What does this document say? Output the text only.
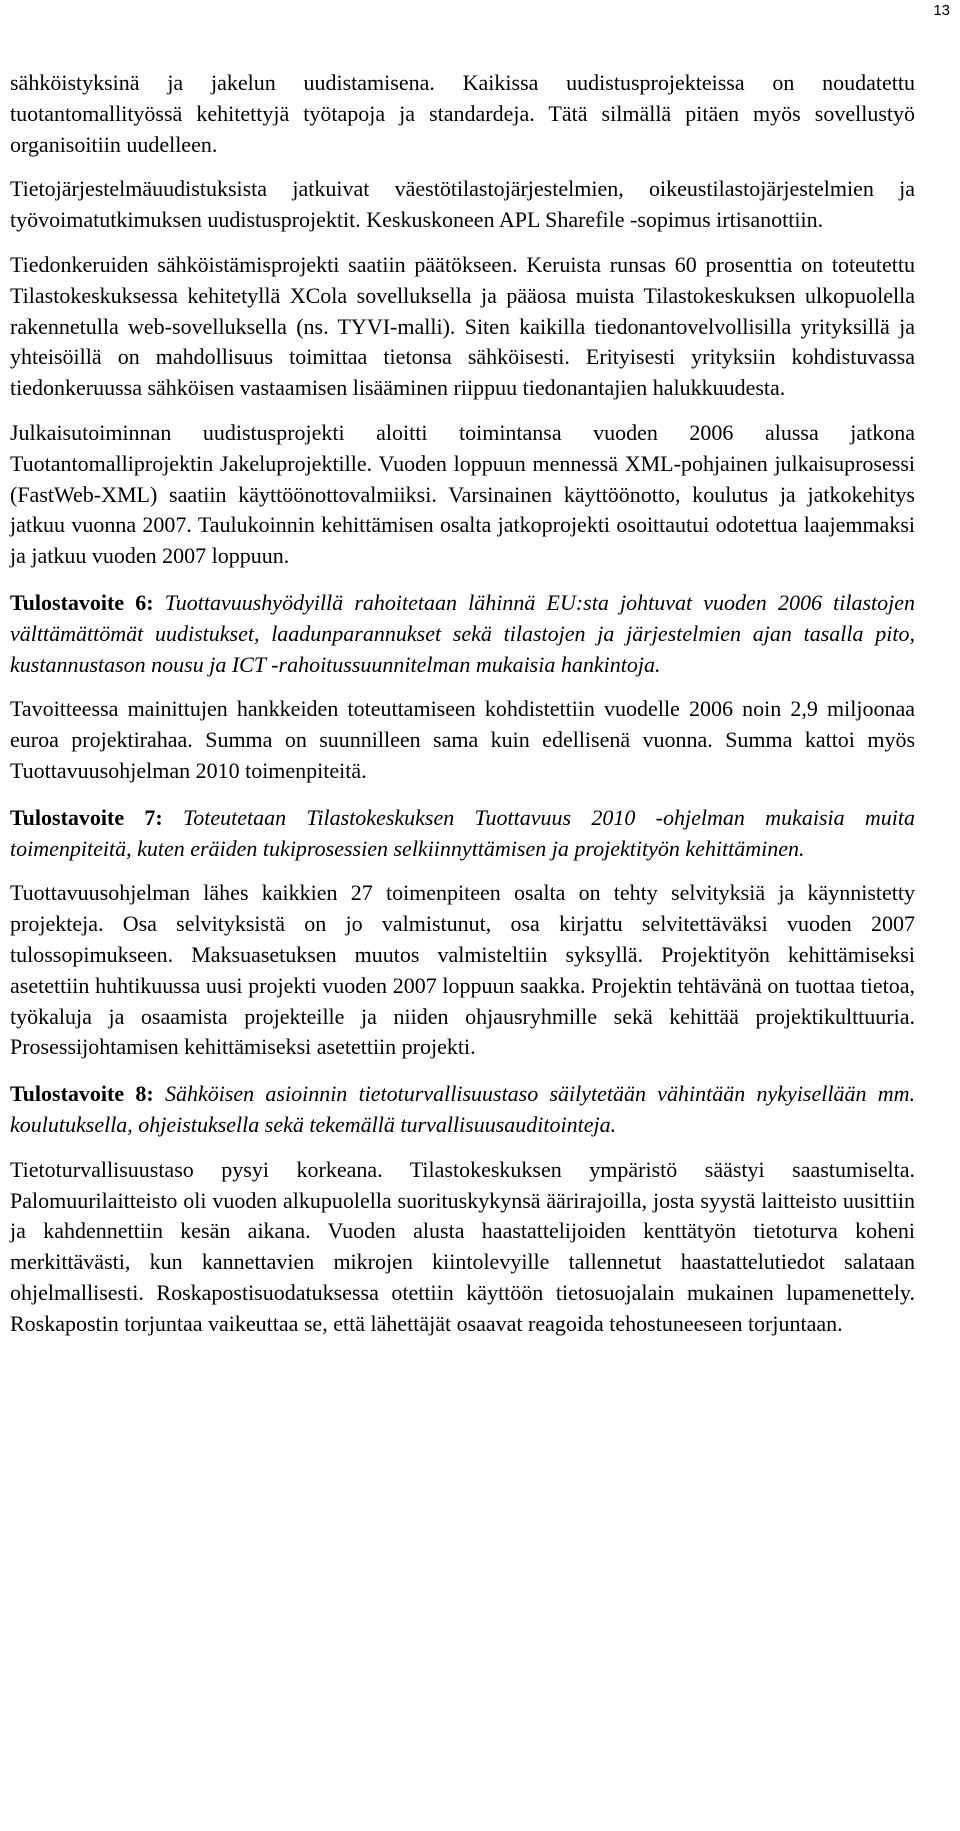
13

sähköistyksinä ja jakelun uudistamisena. Kaikissa uudistusprojekteissa on noudatettu tuotantomallityössä kehitettyjä työtapoja ja standardeja. Tätä silmällä pitäen myös sovellustyö organisoitiin uudelleen.

Tietojärjestelmäuudistuksista jatkuivat väestötilastojärjestelmien, oikeustilastojärjestelmien ja työvoimatutkimuksen uudistusprojektit. Keskuskoneen APL Sharefile -sopimus irtisanottiin.

Tiedonkeruiden sähköistämisprojekti saatiin päätökseen. Keruista runsas 60 prosenttia on toteutettu Tilastokeskuksessa kehitetyllä XCola sovelluksella ja pääosa muista Tilastokeskuksen ulkopuolella rakennetulla web-sovelluksella (ns. TYVI-malli). Siten kaikilla tiedonantovelvollisilla yrityksillä ja yhteisöillä on mahdollisuus toimittaa tietonsa sähköisesti. Erityisesti yrityksiin kohdistuvassa tiedonkeruussa sähköisen vastaamisen lisääminen riippuu tiedonantajien halukkuudesta.

Julkaisutoiminnan uudistusprojekti aloitti toimintansa vuoden 2006 alussa jatkona Tuotantomalliprojektin Jakeluprojektille. Vuoden loppuun mennessä XML-pohjainen julkaisuprosessi (FastWeb-XML) saatiin käyttöönottovalmiiksi. Varsinainen käyttöönotto, koulutus ja jatkokehitys jatkuu vuonna 2007. Taulukoinnin kehittämisen osalta jatkoprojekti osoittautui odotettua laajemmaksi ja jatkuu vuoden 2007 loppuun.

Tulostavoite 6: Tuottavuushyödyillä rahoitetaan lähinnä EU:sta johtuvat vuoden 2006 tilastojen välttämättömät uudistukset, laadunparannukset sekä tilastojen ja järjestelmien ajan tasalla pito, kustannustason nousu ja ICT -rahoitussuunnitelman mukaisia hankintoja.

Tavoitteessa mainittujen hankkeiden toteuttamiseen kohdistettiin vuodelle 2006 noin 2,9 miljoonaa euroa projektirahaa. Summa on suunnilleen sama kuin edellisenä vuonna. Summa kattoi myös Tuottavuusohjelman 2010 toimenpiteitä.

Tulostavoite 7: Toteutetaan Tilastokeskuksen Tuottavuus 2010 -ohjelman mukaisia muita toimenpiteitä, kuten eräiden tukiprosessien selkiinnyttämisen ja projektityön kehittäminen.

Tuottavuusohjelman lähes kaikkien 27 toimenpiteen osalta on tehty selvityksiä ja käynnistetty projekteja. Osa selvityksistä on jo valmistunut, osa kirjattu selvitettäväksi vuoden 2007 tulossopimukseen. Maksuasetuksen muutos valmisteltiin syksyllä. Projektityön kehittämiseksi asetettiin huhtikuussa uusi projekti vuoden 2007 loppuun saakka. Projektin tehtävänä on tuottaa tietoa, työkaluja ja osaamista projekteille ja niiden ohjausryhmille sekä kehittää projektikulttuuria. Prosessijohtamisen kehittämiseksi asetettiin projekti.

Tulostavoite 8: Sähköisen asioinnin tietoturvallisuustaso säilytetään vähintään nykyisellään mm. koulutuksella, ohjeistuksella sekä tekemällä turvallisuusauditointeja.

Tietoturvallisuustaso pysyi korkeana. Tilastokeskuksen ympäristö säästyi saastumiselta. Palomuurilaitteisto oli vuoden alkupuolella suorituskykynsä äärirajoilla, josta syystä laitteisto uusittiin ja kahdennettiin kesän aikana. Vuoden alusta haastattelijoiden kenttätyön tietoturva koheni merkittävästi, kun kannettavien mikrojen kiintolevyille tallennetut haastattelutiedot salataan ohjelmallisesti. Roskapostisuodatuksessa otettiin käyttöön tietosuojalain mukainen lupamenettely. Roskapostin torjuntaa vaikeuttaa se, että lähettäjät osaavat reagoida tehostuneeseen torjuntaan.
